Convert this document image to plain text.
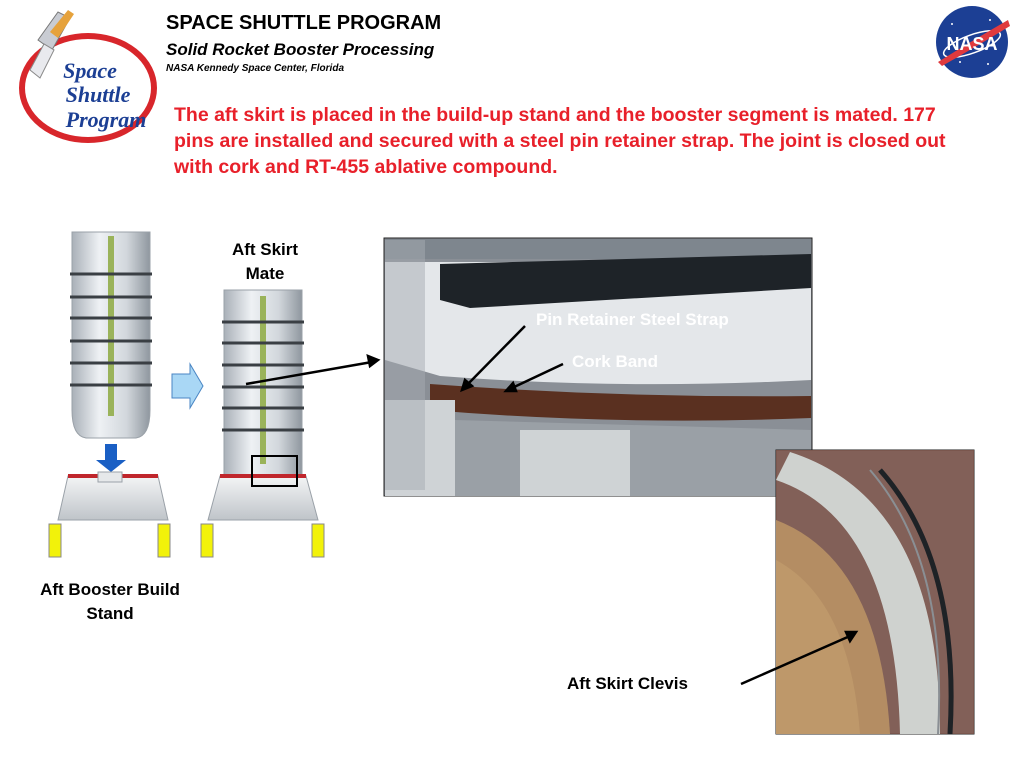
Space
Shuttle
Program
SPACE SHUTTLE PROGRAM
Solid Rocket Booster Processing
NASA Kennedy Space Center, Florida
NASA
The aft skirt is placed in the build-up stand and the booster segment is mated. 177 pins are installed and secured with a steel pin retainer strap. The joint is closed out with cork and RT-455 ablative compound.
Aft Skirt Mate
Aft Booster Build Stand
Pin Retainer Steel Strap
Cork Band
Aft Skirt Clevis
